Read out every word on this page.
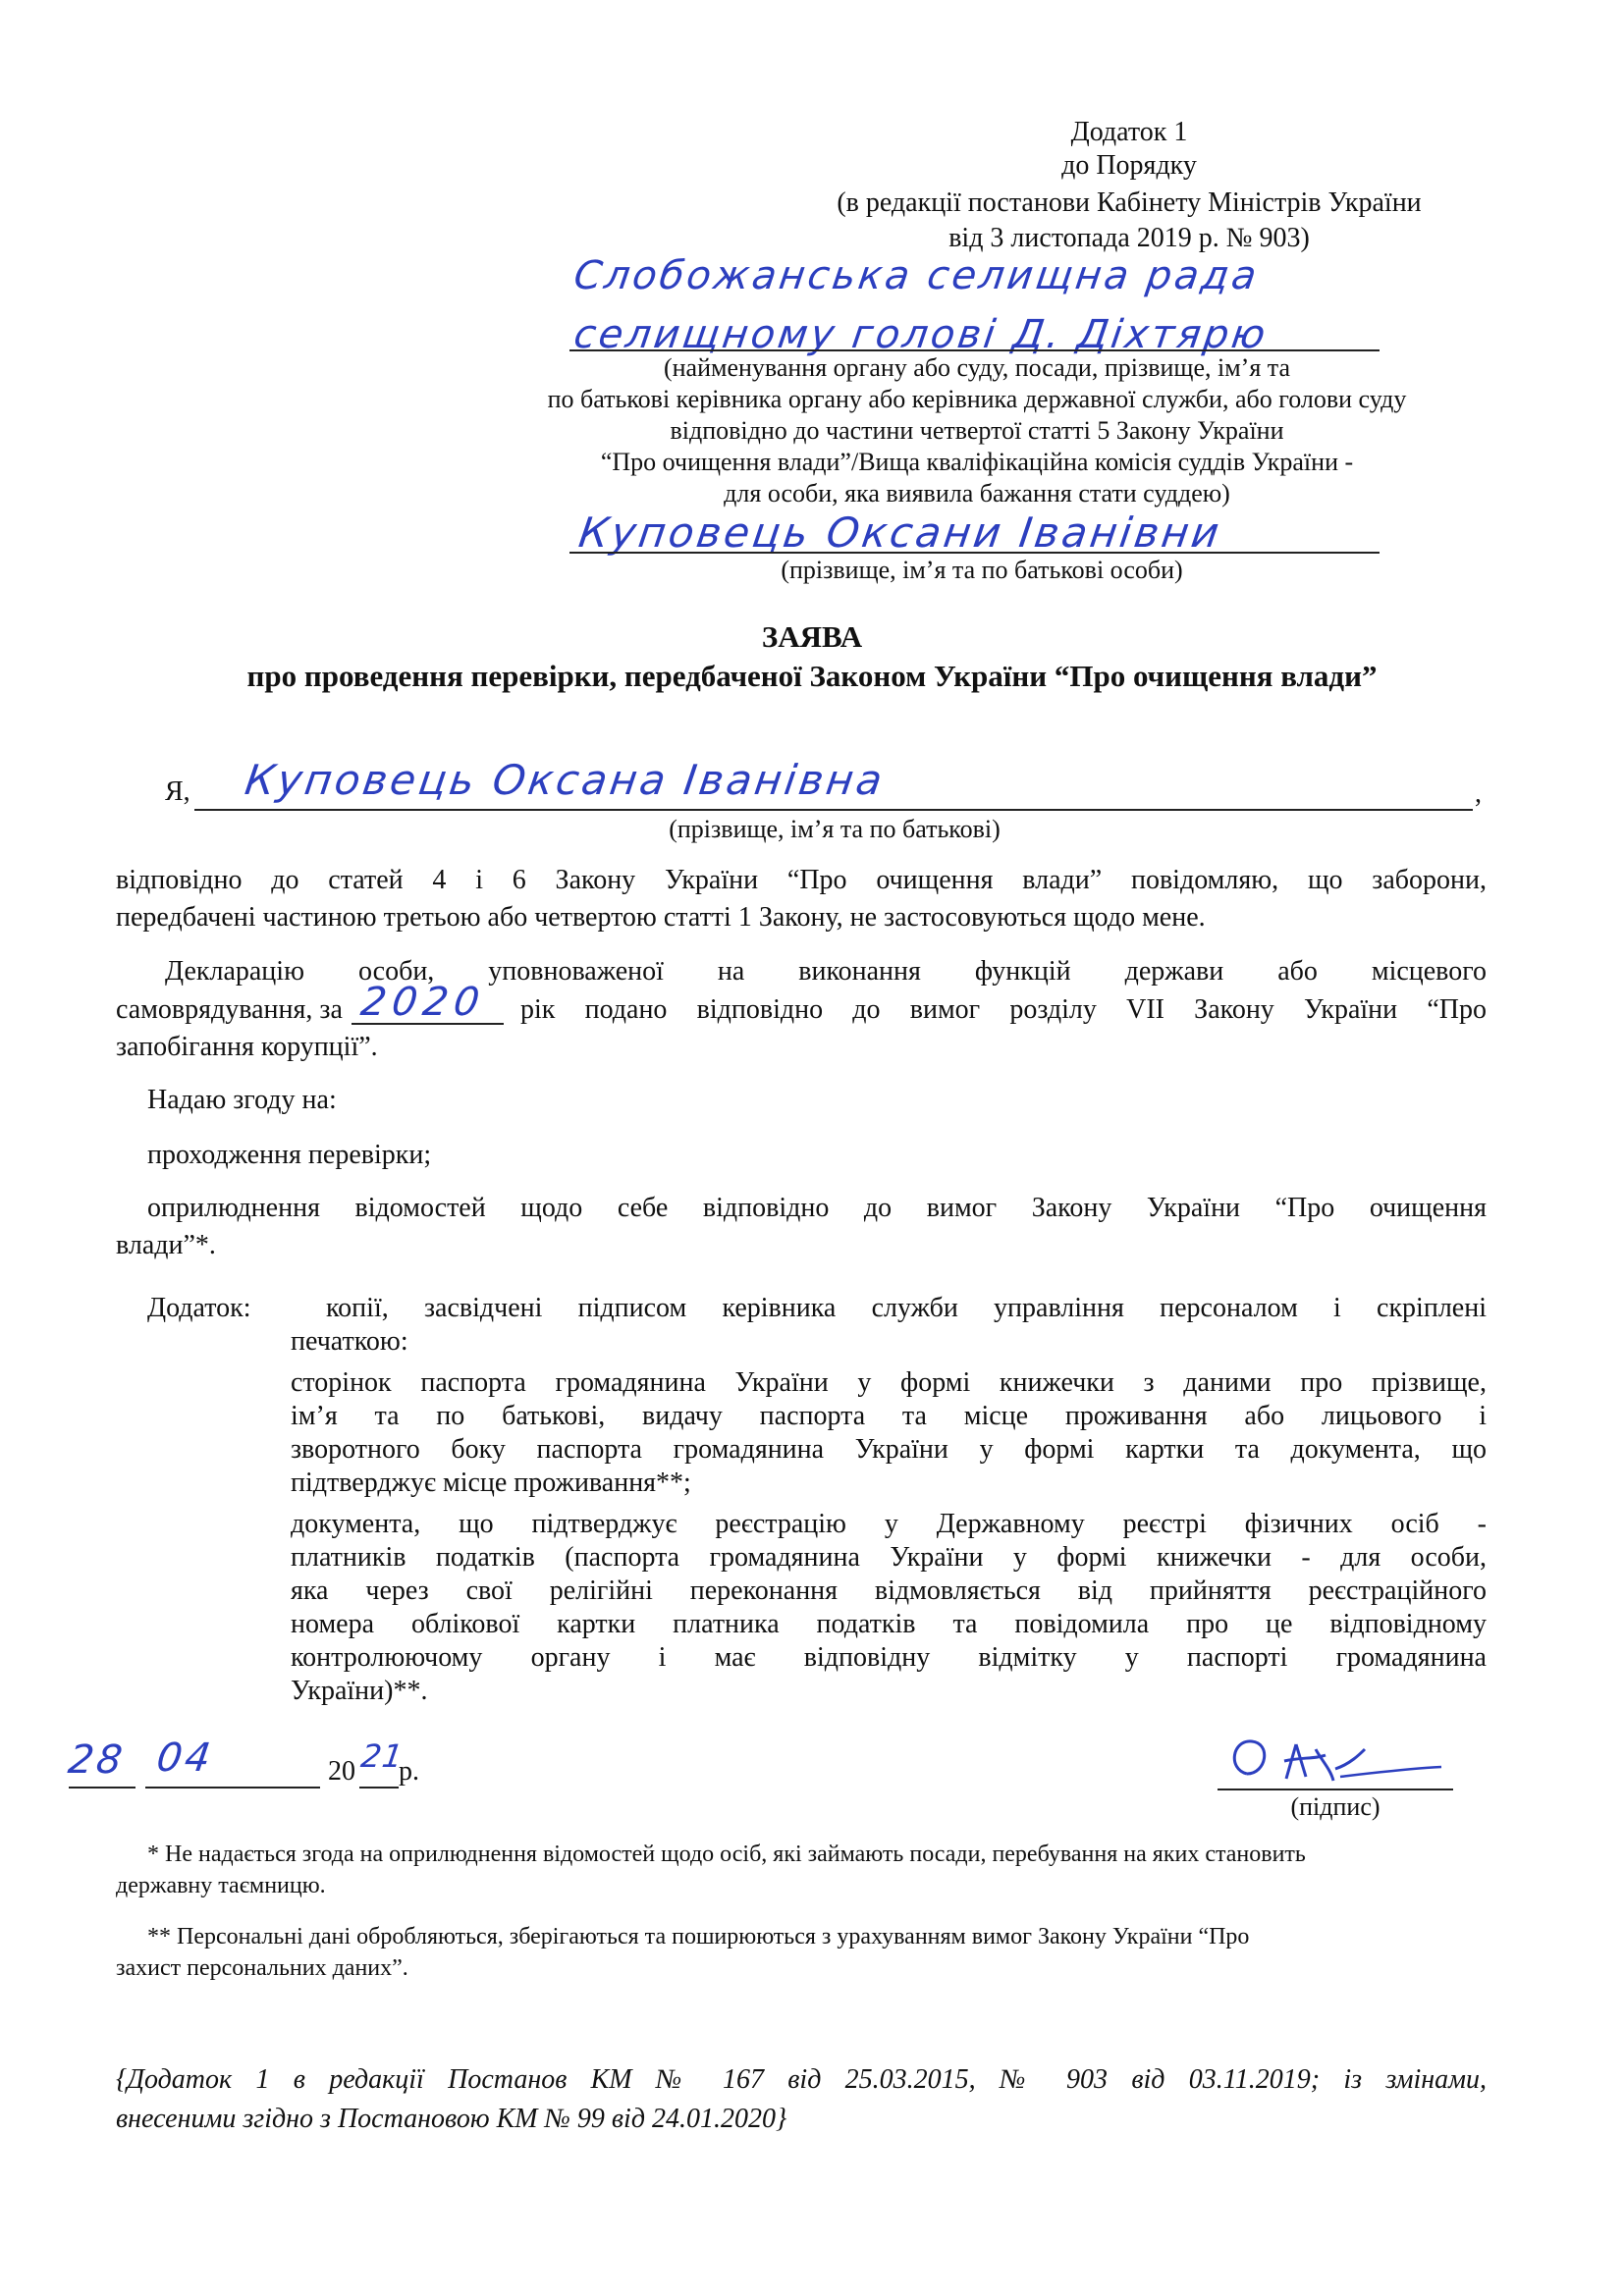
Додаток 1
до Порядку
(в редакції постанови Кабінету Міністрів України
від 3 листопада 2019 р. № 903)
Слобожанська селищна рада
селищному голові Д. Діхтярю
(найменування органу або суду, посади, прізвище, ім’я та
по батькові керівника органу або керівника державної служби, або голови суду
відповідно до частини четвертої статті 5 Закону України
“Про очищення влади”/Вища кваліфікаційна комісія суддів України -
для особи, яка виявила бажання стати суддею)
Куповець Оксани Іванівни
(прізвище, ім’я та по батькові особи)
ЗАЯВА
про проведення перевірки, передбаченої Законом України “Про очищення влади”
Я, Куповець Оксана Іванівна	,
(прізвище, ім’я та по батькові)
відповідно до статей 4 і 6 Закону України “Про очищення влади” повідомляю, що заборони,
передбачені частиною третьою або четвертою статті 1 Закону, не застосовуються щодо мене.
Декларацію особи, уповноваженої на виконання функцій держави або місцевого
самоврядування, за 2020 рік подано відповідно до вимог розділу VII Закону України “Про
запобігання корупції”.
Надаю згоду на:
проходження перевірки;
оприлюднення відомостей щодо себе відповідно до вимог Закону України “Про очищення
влади”*.
Додаток:	копії, засвідчені підписом керівника служби управління персоналом і скріплені
печаткою:
сторінок паспорта громадянина України у формі книжечки з даними про прізвище,
ім’я та по батькові, видачу паспорта та місце проживання або лицьового і
зворотного боку паспорта громадянина України у формі картки та документа, що
підтверджує місце проживання**;
документа, що підтверджує реєстрацію у Державному реєстрі фізичних осіб -
платників податків (паспорта громадянина України у формі книжечки - для особи,
яка через свої релігійні переконання відмовляється від прийняття реєстраційного
номера облікової картки платника податків та повідомила про це відповідному
контролюючому органу і має відповідну відмітку у паспорті громадянина
України)**.
28 04	20 21
р.
(підпис)
* Не надається згода на оприлюднення відомостей щодо осіб, які займають посади, перебування на яких становить
державну таємницю.
** Персональні дані обробляються, зберігаються та поширюються з урахуванням вимог Закону України “Про
захист персональних даних”.
{Додаток 1 в редакції Постанов КМ № 167 від 25.03.2015, № 903 від 03.11.2019; із змінами,
внесеними згідно з Постановою КМ № 99 від 24.01.2020}
